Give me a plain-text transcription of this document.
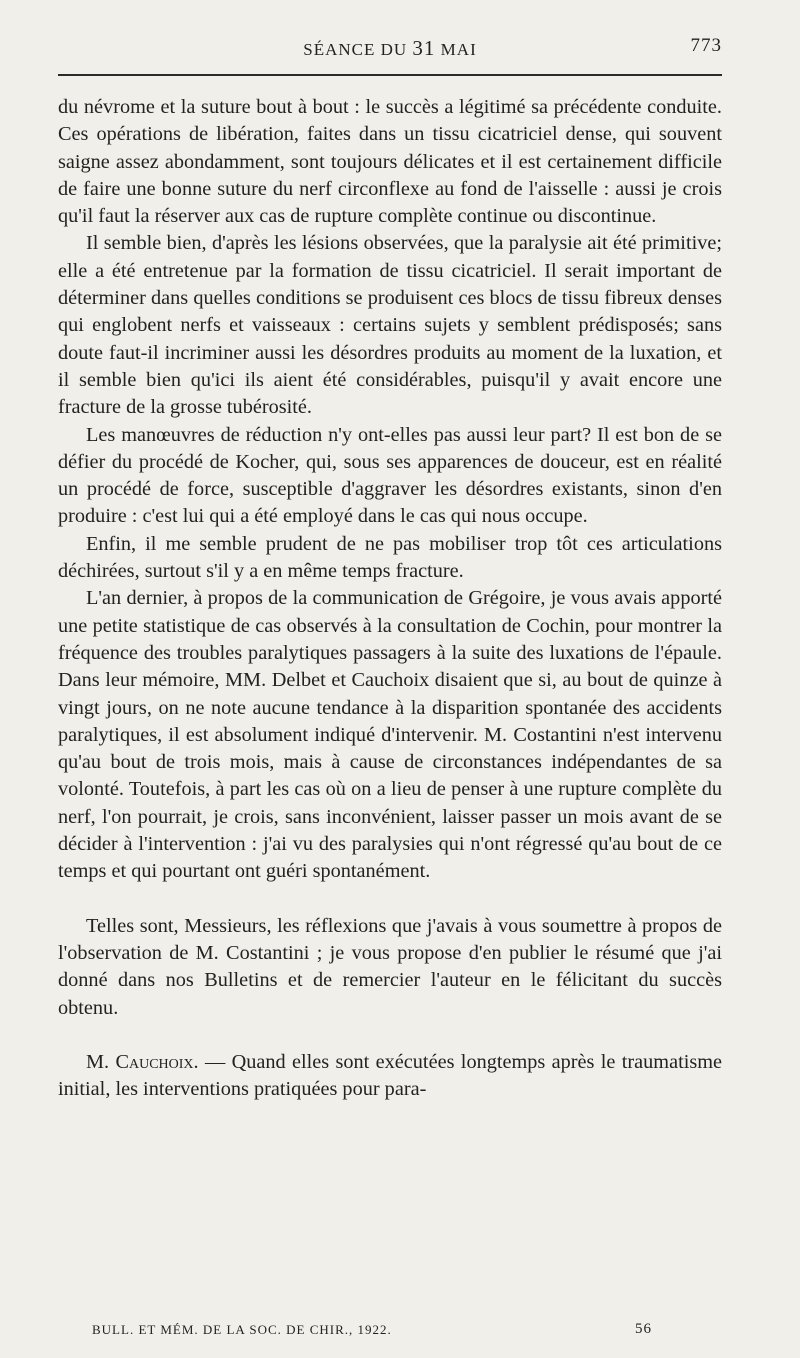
SÉANCE DU 31 MAI	773

du névrome et la suture bout à bout : le succès a légitimé sa précédente conduite. Ces opérations de libération, faites dans un tissu cicatriciel dense, qui souvent saigne assez abondamment, sont toujours délicates et il est certainement difficile de faire une bonne suture du nerf circonflexe au fond de l'aisselle : aussi je crois qu'il faut la réserver aux cas de rupture complète continue ou discontinue.

Il semble bien, d'après les lésions observées, que la paralysie ait été primitive; elle a été entretenue par la formation de tissu cicatriciel. Il serait important de déterminer dans quelles conditions se produisent ces blocs de tissu fibreux denses qui englobent nerfs et vaisseaux : certains sujets y semblent prédisposés; sans doute faut-il incriminer aussi les désordres produits au moment de la luxation, et il semble bien qu'ici ils aient été considérables, puisqu'il y avait encore une fracture de la grosse tubérosité.

Les manœuvres de réduction n'y ont-elles pas aussi leur part? Il est bon de se défier du procédé de Kocher, qui, sous ses apparences de douceur, est en réalité un procédé de force, susceptible d'aggraver les désordres existants, sinon d'en produire : c'est lui qui a été employé dans le cas qui nous occupe.

Enfin, il me semble prudent de ne pas mobiliser trop tôt ces articulations déchirées, surtout s'il y a en même temps fracture.

L'an dernier, à propos de la communication de Grégoire, je vous avais apporté une petite statistique de cas observés à la consultation de Cochin, pour montrer la fréquence des troubles paralytiques passagers à la suite des luxations de l'épaule. Dans leur mémoire, MM. Delbet et Cauchoix disaient que si, au bout de quinze à vingt jours, on ne note aucune tendance à la disparition spontanée des accidents paralytiques, il est absolument indiqué d'intervenir. M. Costantini n'est intervenu qu'au bout de trois mois, mais à cause de circonstances indépendantes de sa volonté. Toutefois, à part les cas où on a lieu de penser à une rupture complète du nerf, l'on pourrait, je crois, sans inconvénient, laisser passer un mois avant de se décider à l'intervention : j'ai vu des paralysies qui n'ont régressé qu'au bout de ce temps et qui pourtant ont guéri spontanément.

Telles sont, Messieurs, les réflexions que j'avais à vous soumettre à propos de l'observation de M. Costantini ; je vous propose d'en publier le résumé que j'ai donné dans nos Bulletins et de remercier l'auteur en le félicitant du succès obtenu.

M. Cauchoix. — Quand elles sont exécutées longtemps après le traumatisme initial, les interventions pratiquées pour para-

BULL. ET MÉM. DE LA SOC. DE CHIR., 1922.	56
